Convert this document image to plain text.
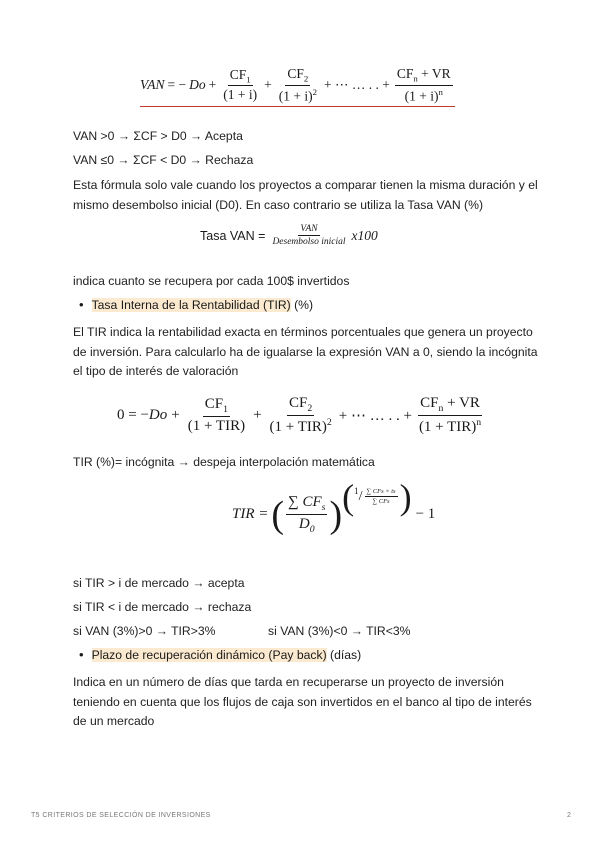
VAN = − $Do + \frac{CF_1}{(1 + i)} + \frac{CF_2}{(1 + i)^2}$ + ⋯ … . . + $\frac{CF_n + VR}{(1 + i)^n}$
VAN >0 → ΣCF > D0 → Acepta
VAN ≤0 → ΣCF < D0 → Rechaza
Esta fórmula solo vale cuando los proyectos a comparar tienen la misma duración y el mismo desembolso inicial (D0). En caso contrario se utiliza la Tasa VAN (%)
Tasa VAN = $\frac{\text{VAN}}{\text{Desembolso inicial}} x100$
indica cuanto se recupera por cada 100$ invertidos
• Tasa Interna de la Rentabilidad (TIR) (%)
El TIR indica la rentabilidad exacta en términos porcentuales que genera un proyecto de inversión. Para calcularlo ha de igualarse la expresión VAN a 0, siendo la incógnita el tipo de interés de valoración
0 = − $Do + \frac{CF_1}{\text{(1 + TIR)}} + \frac{CF_2}{(1 + TIR)^2}$ + ⋯ … . . + $\frac{CF_n + VR}{(1 + TIR)^n}$
TIR (%)= incógnita → despeja interpolación matemática
TIR = ( $\frac{\sum CF_s}{D_0}$ ) ( $1 / \frac{\text{∑ CFs × ts}}{\text{∑ CFs}}$ ) − 1
si TIR > i de mercado → acepta
si TIR < i de mercado → rechaza
si VAN (3%)>0 → TIR>3%	si VAN (3%)<0 → TIR<3%
• Plazo de recuperación dinámico (Pay back) (días)
Indica en un número de días que tarda en recuperarse un proyecto de inversión teniendo en cuenta que los flujos de caja son invertidos en el banco al tipo de interés de un mercado
T5 CRITERIOS DE SELECCIÓN DE INVERSIONES	2
